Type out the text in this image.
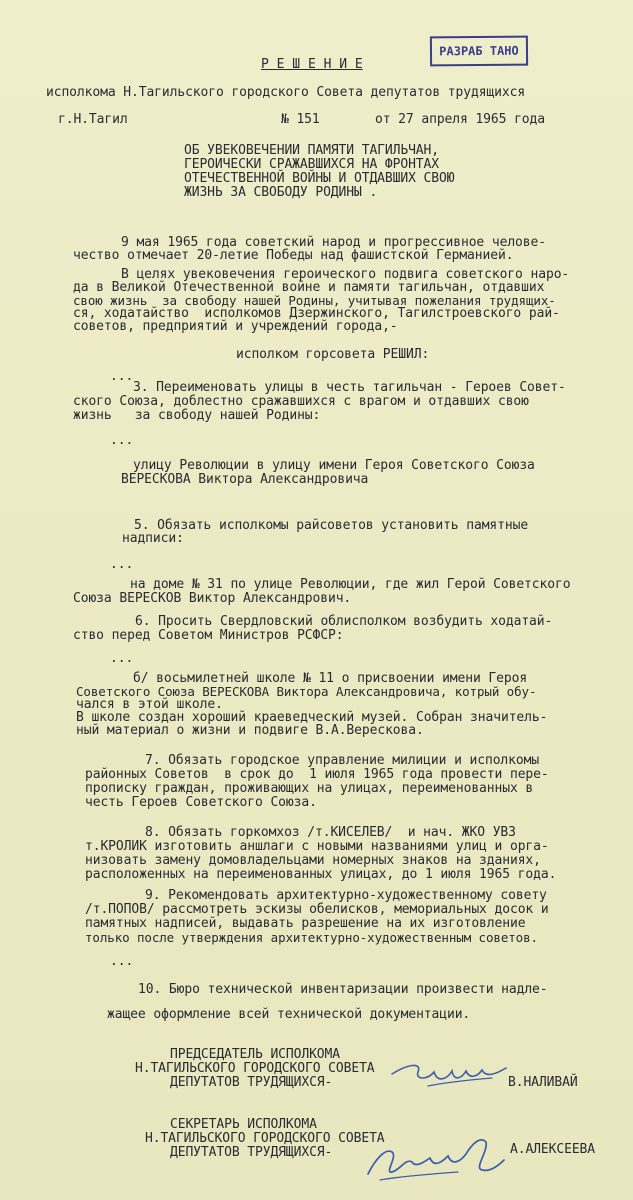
РАЗРАБ ТАНО
Р Е Ш Е Н И Е
исполкома Н.Тагильского городского Совета депутатов трудящихся
г.Н.Тагил	№ 151	от 27 апреля 1965 года
ОБ УВЕКОВЕЧЕНИИ ПАМЯТИ ТАГИЛЬЧАН,
ГЕРОИЧЕСКИ СРАЖАВШИХСЯ НА ФРОНТАХ
ОТЕЧЕСТВЕННОЙ ВОЙНЫ И ОТДАВШИХ СВОЮ
ЖИЗНЬ ЗА СВОБОДУ РОДИНЫ .
9 мая 1965 года советский народ и прогрессивное челове-
чество отмечает 20-летие Победы над фашистской Германией.
В целях увековечения героического подвига советского наро-
да в Великой Отечественной войне и памяти тагильчан, отдавших
свою жизнь  за свободу нашей Родины, учитывая пожелания трудящих-
ся, ходатайство  исполкомов Дзержинского, Тагилстроевского рай-
советов, предприятий и учреждений города,-
исполком горсовета РЕШИЛ:
...
3. Переименовать улицы в честь тагильчан - Героев Совет-
ского Союза, доблестно сражавшихся с врагом и отдавших свою
жизнь   за свободу нашей Родины:
...
улицу Революции в улицу имени Героя Советского Союза
ВЕРЕСКОВА Виктора Александровича
5. Обязать исполкомы райсоветов установить памятные
надписи:
...
на доме № 31 по улице Революции, где жил Герой Советского
Союза ВЕРЕСКОВ Виктор Александрович.
6. Просить Свердловский облисполком возбудить ходатай-
ство перед Советом Министров РСФСР:
...
б/ восьмилетней школе № 11 о присвоении имени Героя
Советского Союза ВЕРЕСКОВА Виктора Александровича, котрый обу-
чался в этой школе.
В школе создан хороший краеведческий музей. Собран значитель-
ный материал о жизни и подвиге В.А.Верескова.
7. Обязать городское управление милиции и исполкомы
районных Советов  в срок до  1 июля 1965 года провести пере-
прописку граждан, проживающих на улицах, переименованных в
честь Героев Советского Союза.
8. Обязать горкомхоз /т.КИСЕЛЕВ/  и нач. ЖКО УВЗ
т.КРОЛИК изготовить аншлаги с новыми названиями улиц и орга-
низовать замену домовладельцами номерных знаков на зданиях,
расположенных на переименованных улицах, до 1 июля 1965 года.
9. Рекомендовать архитектурно-художественному совету
/т.ПОПОВ/ рассмотреть эскизы обелисков, мемориальных досок и
памятных надписей, выдавать разрешение на их изготовление
только после утверждения архитектурно-художественным советов.
...
10. Бюро технической инвентаризации произвести надле-
жащее оформление всей технической документации.
ПРЕДСЕДАТЕЛЬ ИСПОЛКОМА
Н.ТАГИЛЬСКОГО ГОРОДСКОГО СОВЕТА
ДЕПУТАТОВ ТРУДЯЩИХСЯ-	В.НАЛИВАЙ
СЕКРЕТАРЬ ИСПОЛКОМА
Н.ТАГИЛЬСКОГО ГОРОДСКОГО СОВЕТА
ДЕПУТАТОВ ТРУДЯЩИХСЯ-	А.АЛЕКСЕЕВА
